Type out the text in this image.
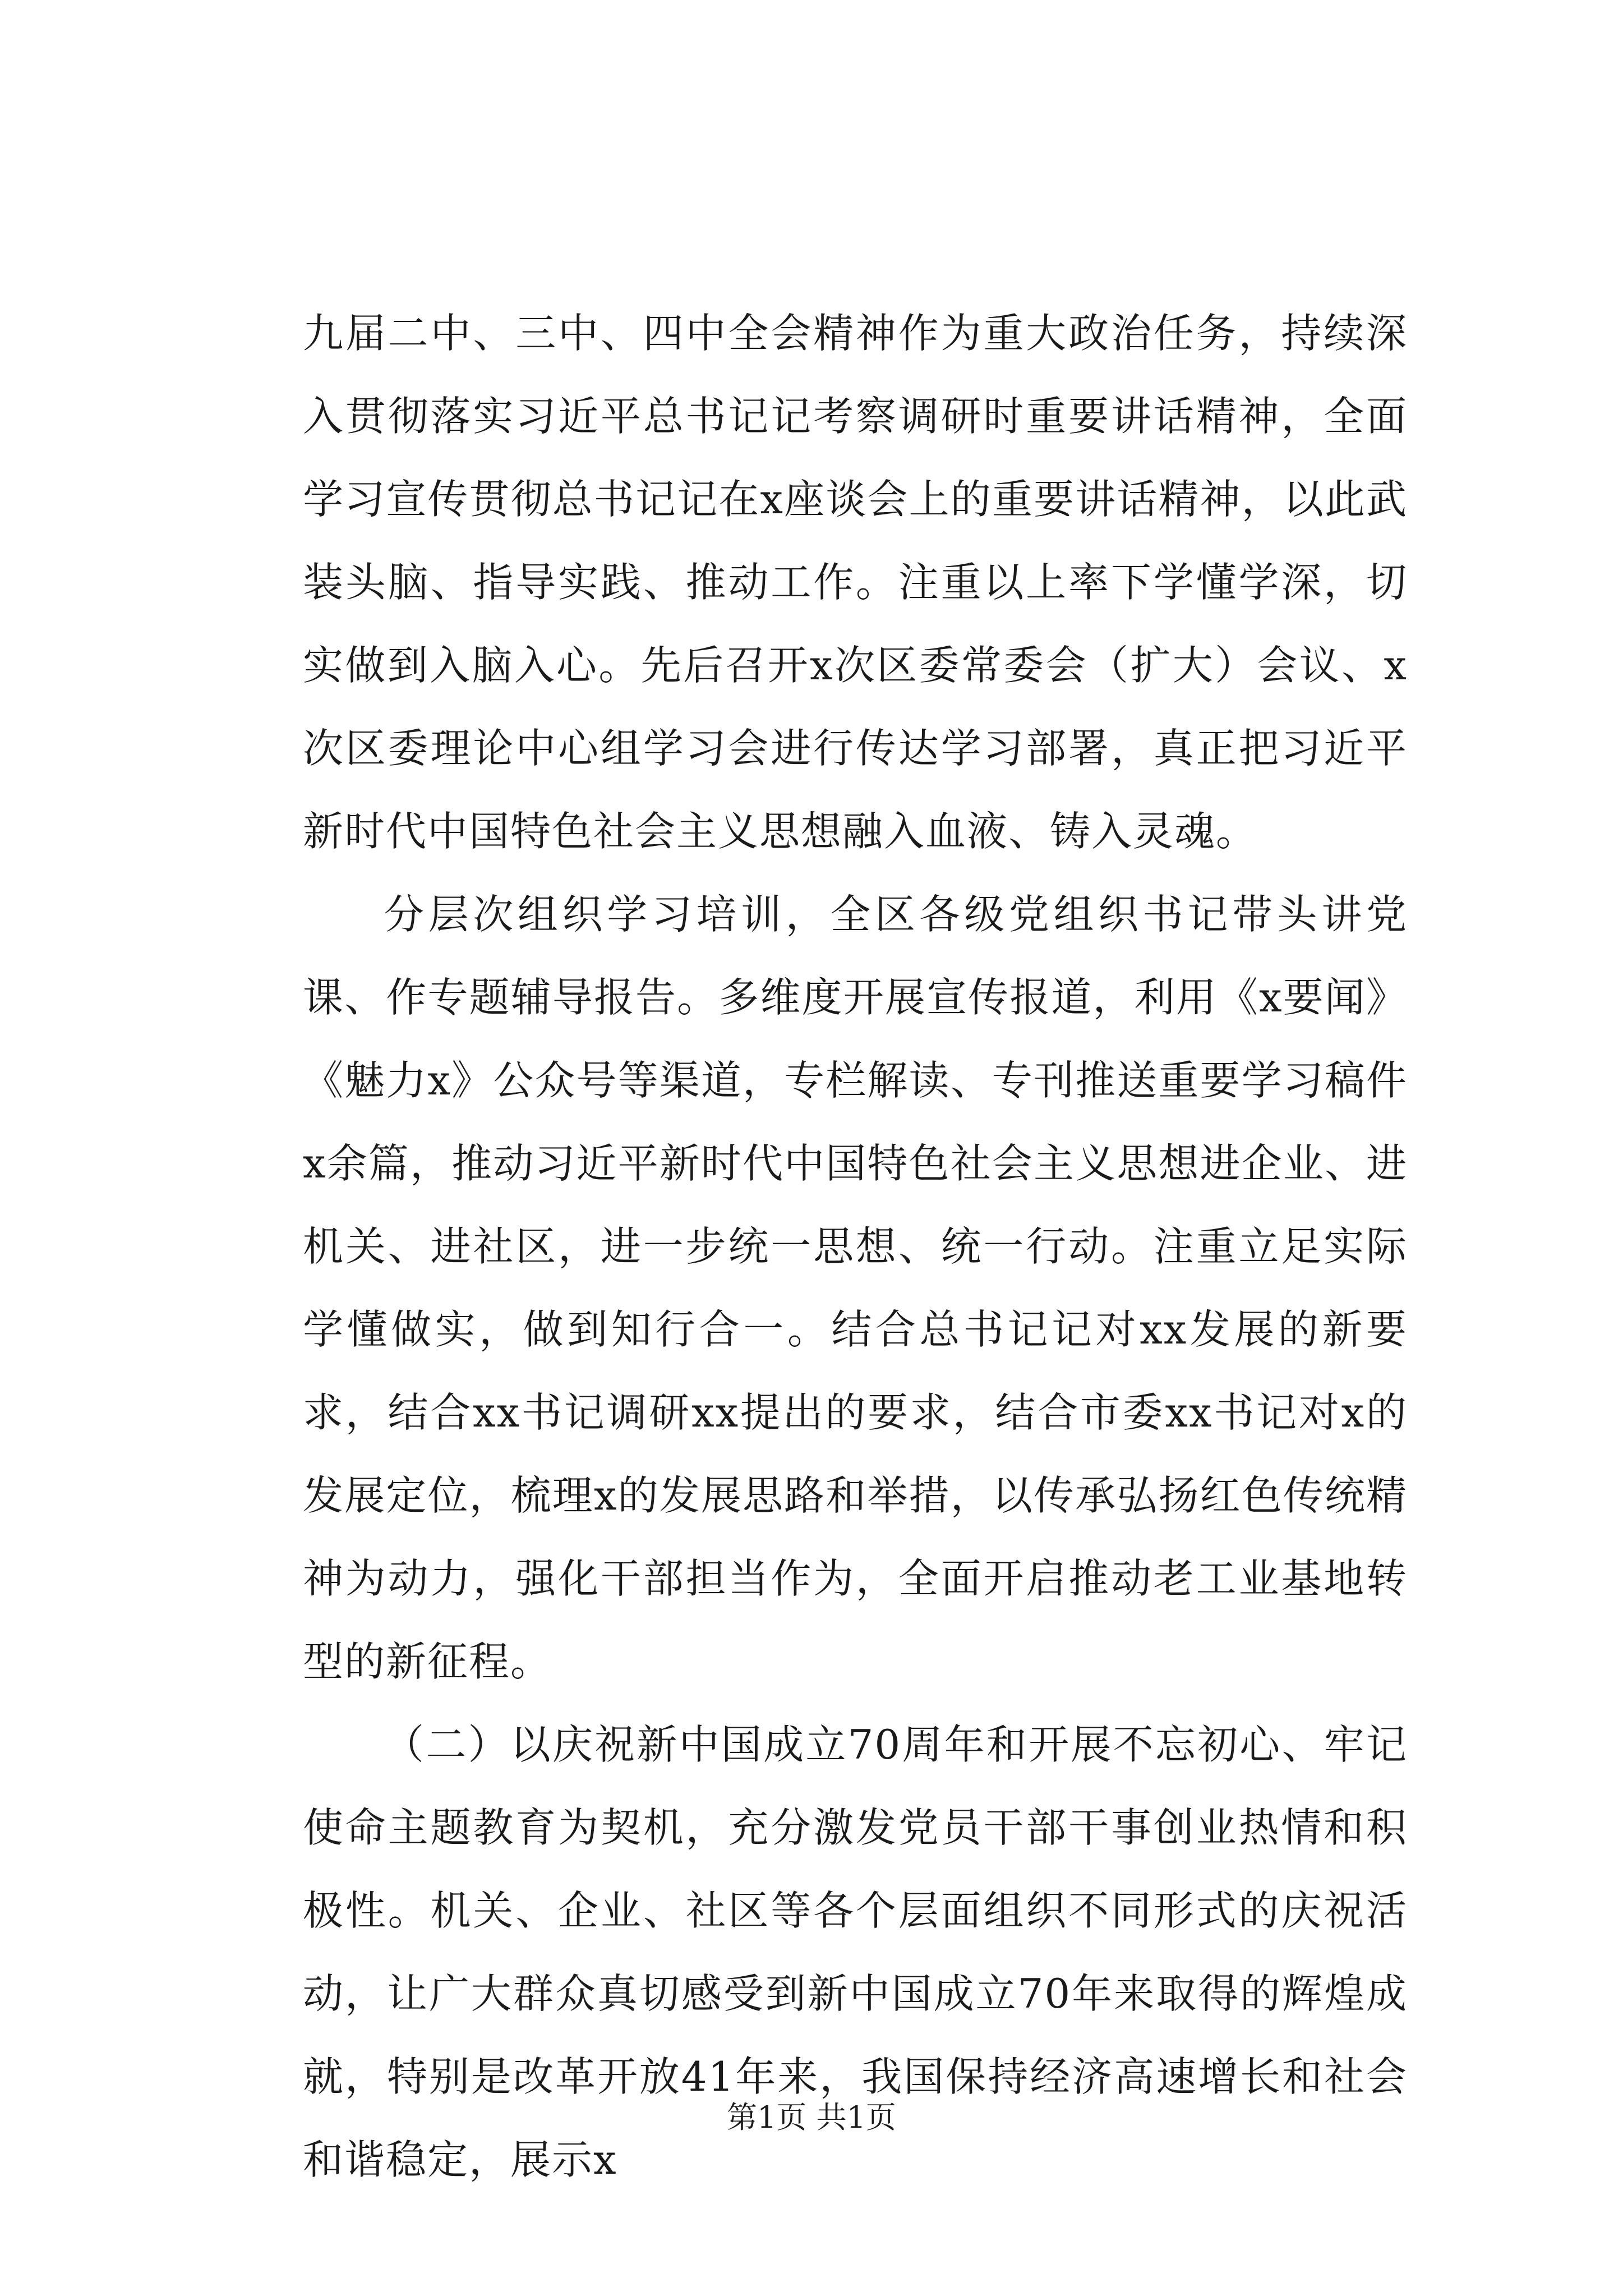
九届二中、三中、四中全会精神作为重大政治任务，持续深入贯彻落实习近平总书记记考察调研时重要讲话精神，全面学习宣传贯彻总书记记在x座谈会上的重要讲话精神，以此武装头脑、指导实践、推动工作。注重以上率下学懂学深，切实做到入脑入心。先后召开x次区委常委会（扩大）会议、x次区委理论中心组学习会进行传达学习部署，真正把习近平新时代中国特色社会主义思想融入血液、铸入灵魂。

分层次组织学习培训，全区各级党组织书记带头讲党课、作专题辅导报告。多维度开展宣传报道，利用《x要闻》《魅力x》公众号等渠道，专栏解读、专刊推送重要学习稿件x余篇，推动习近平新时代中国特色社会主义思想进企业、进机关、进社区，进一步统一思想、统一行动。注重立足实际学懂做实，做到知行合一。结合总书记记对xx发展的新要求，结合xx书记调研xx提出的要求，结合市委xx书记对x的发展定位，梳理x的发展思路和举措，以传承弘扬红色传统精神为动力，强化干部担当作为，全面开启推动老工业基地转型的新征程。

（二）以庆祝新中国成立70周年和开展不忘初心、牢记使命主题教育为契机，充分激发党员干部干事创业热情和积极性。机关、企业、社区等各个层面组织不同形式的庆祝活动，让广大群众真切感受到新中国成立70年来取得的辉煌成就，特别是改革开放41年来，我国保持经济高速增长和社会和谐稳定，展示x

第1页 共1页
